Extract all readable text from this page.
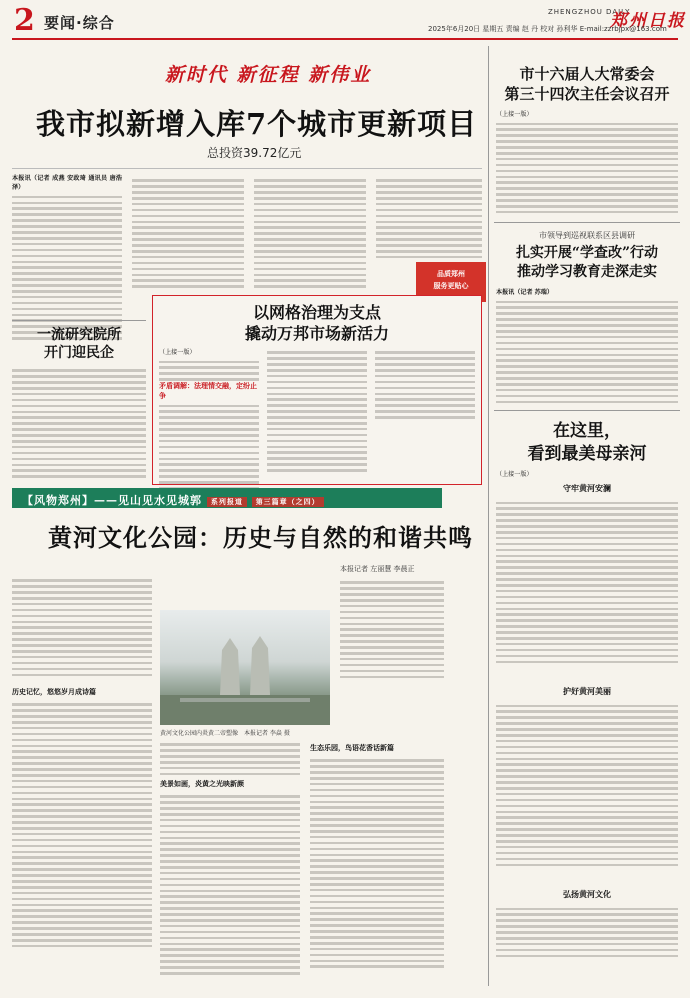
2 要闻·综合
ZHENGZHOU DAILY
郑州日报
2025年6月20日 星期五 责编 赵 丹 校对 孙利华 E-mail:zzrbjpx@163.com
新时代 新征程 新伟业
我市拟新增入库7个城市更新项目
总投资39.72亿元
本报讯（记者 成燕 安政琦 通讯员 唐浩泽）
品质郑州
服务更贴心
一流研究院所
开门迎民企
以网格治理为支点
撬动万邦市场新活力
（上接一版）
矛盾调解：法理情交融，定纷止争
【风物郑州】——见山见水见城郭 系列报道 第三篇章（之四）
黄河文化公园：历史与自然的和谐共鸣
本报记者 左丽慧 李晨正
历史记忆，悠悠岁月成诗篇
黄河文化公园内炎黄二帝塑像　本报记者 李焱 摄
美景如画，炎黄之光映新颜
生态乐园，鸟语花香话新篇
市十六届人大常委会
第三十四次主任会议召开
（上接一版）
市领导到巡视联系区县调研
扎实开展“学查改”行动
推动学习教育走深走实
本报讯（记者 苏瑞）
在这里，
看到最美母亲河
（上接一版）
守牢黄河安澜
护好黄河美丽
弘扬黄河文化
